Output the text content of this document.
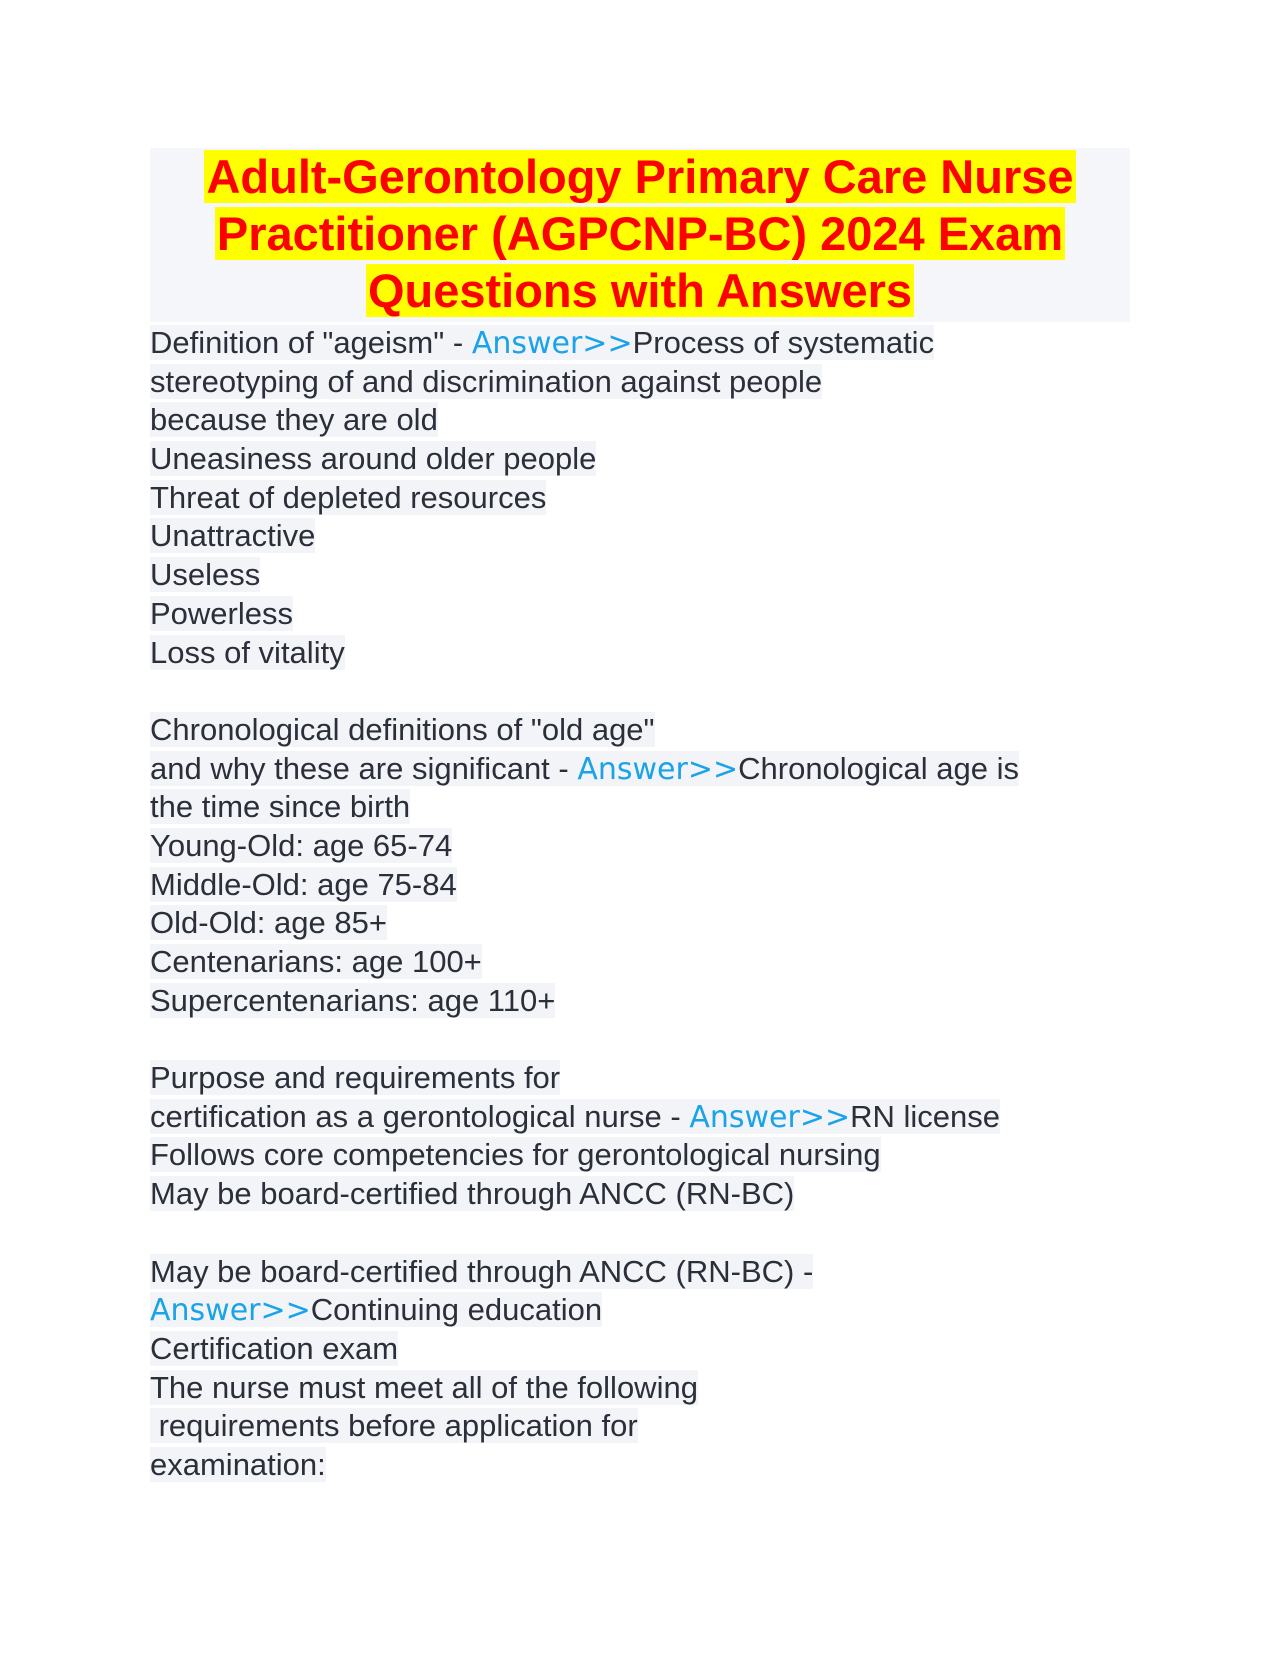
Adult-Gerontology Primary Care Nurse
Practitioner (AGPCNP-BC) 2024 Exam
Questions with Answers
Definition of "ageism" - Answer>>Process of systematic
stereotyping of and discrimination against people
because they are old
Uneasiness around older people
Threat of depleted resources
Unattractive
Useless
Powerless
Loss of vitality
Chronological definitions of "old age"
and why these are significant - Answer>>Chronological age is
the time since birth
Young-Old: age 65-74
Middle-Old: age 75-84
Old-Old: age 85+
Centenarians: age 100+
Supercentenarians: age 110+
Purpose and requirements for
certification as a gerontological nurse - Answer>>RN license
Follows core competencies for gerontological nursing
May be board-certified through ANCC (RN-BC)
May be board-certified through ANCC (RN-BC) -
Answer>>Continuing education
Certification exam
The nurse must meet all of the following
requirements before application for
examination:
